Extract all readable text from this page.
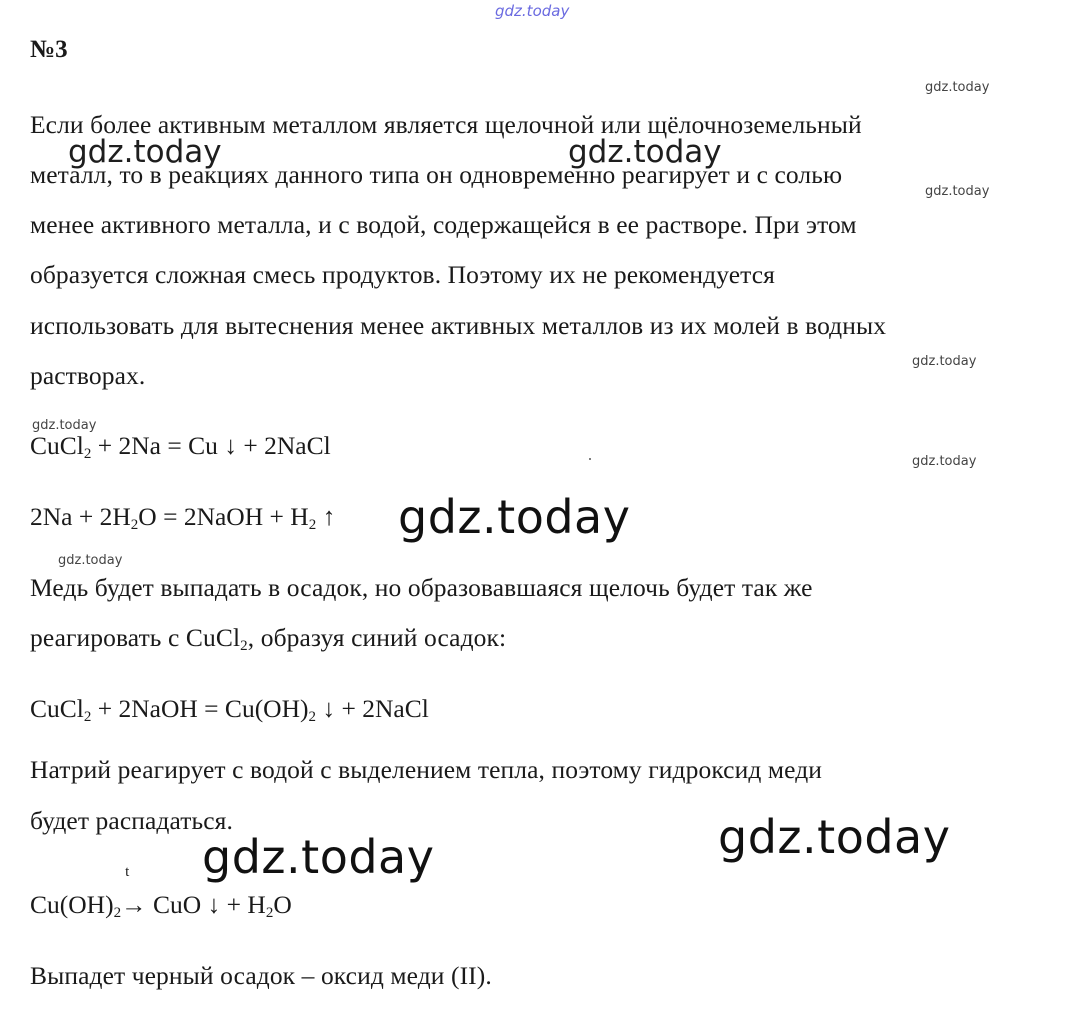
gdz.today
№3
Если более активным металлом является щелочной или щёлочноземельный
металл, то в реакциях данного типа он одновременно реагирует и с солью
менее активного металла, и с водой, содержащейся в ее растворе. При этом
образуется сложная смесь продуктов. Поэтому их не рекомендуется
использовать для вытеснения менее активных металлов из их молей в водных
растворах.
CuCl$_2$ + 2Na = Cu ↓ + 2NaCl
$2Na + 2H_2O$ = 2NaOH + $H_2$ ↑
Медь будет выпадать в осадок, но образовавшаяся щелочь будет так же
реагировать с CuCl$_2$, образуя синий осадок:
CuCl$_2$ + 2NaOH = $Cu(OH)_2$ ↓ + 2NaCl
Натрий реагирует с водой с выделением тепла, поэтому гидроксид меди
будет распадаться.
$Cu(OH)_2\to$
t
CuO ↓ + $H_2O$
Выпадет черный осадок – оксид меди (II).
gdz.today
gdz.today	gdz.today
gdz.today
gdz.today
gdz.today
gdz.today
gdz.today
gdz.today
gdz.today
gdz.today
